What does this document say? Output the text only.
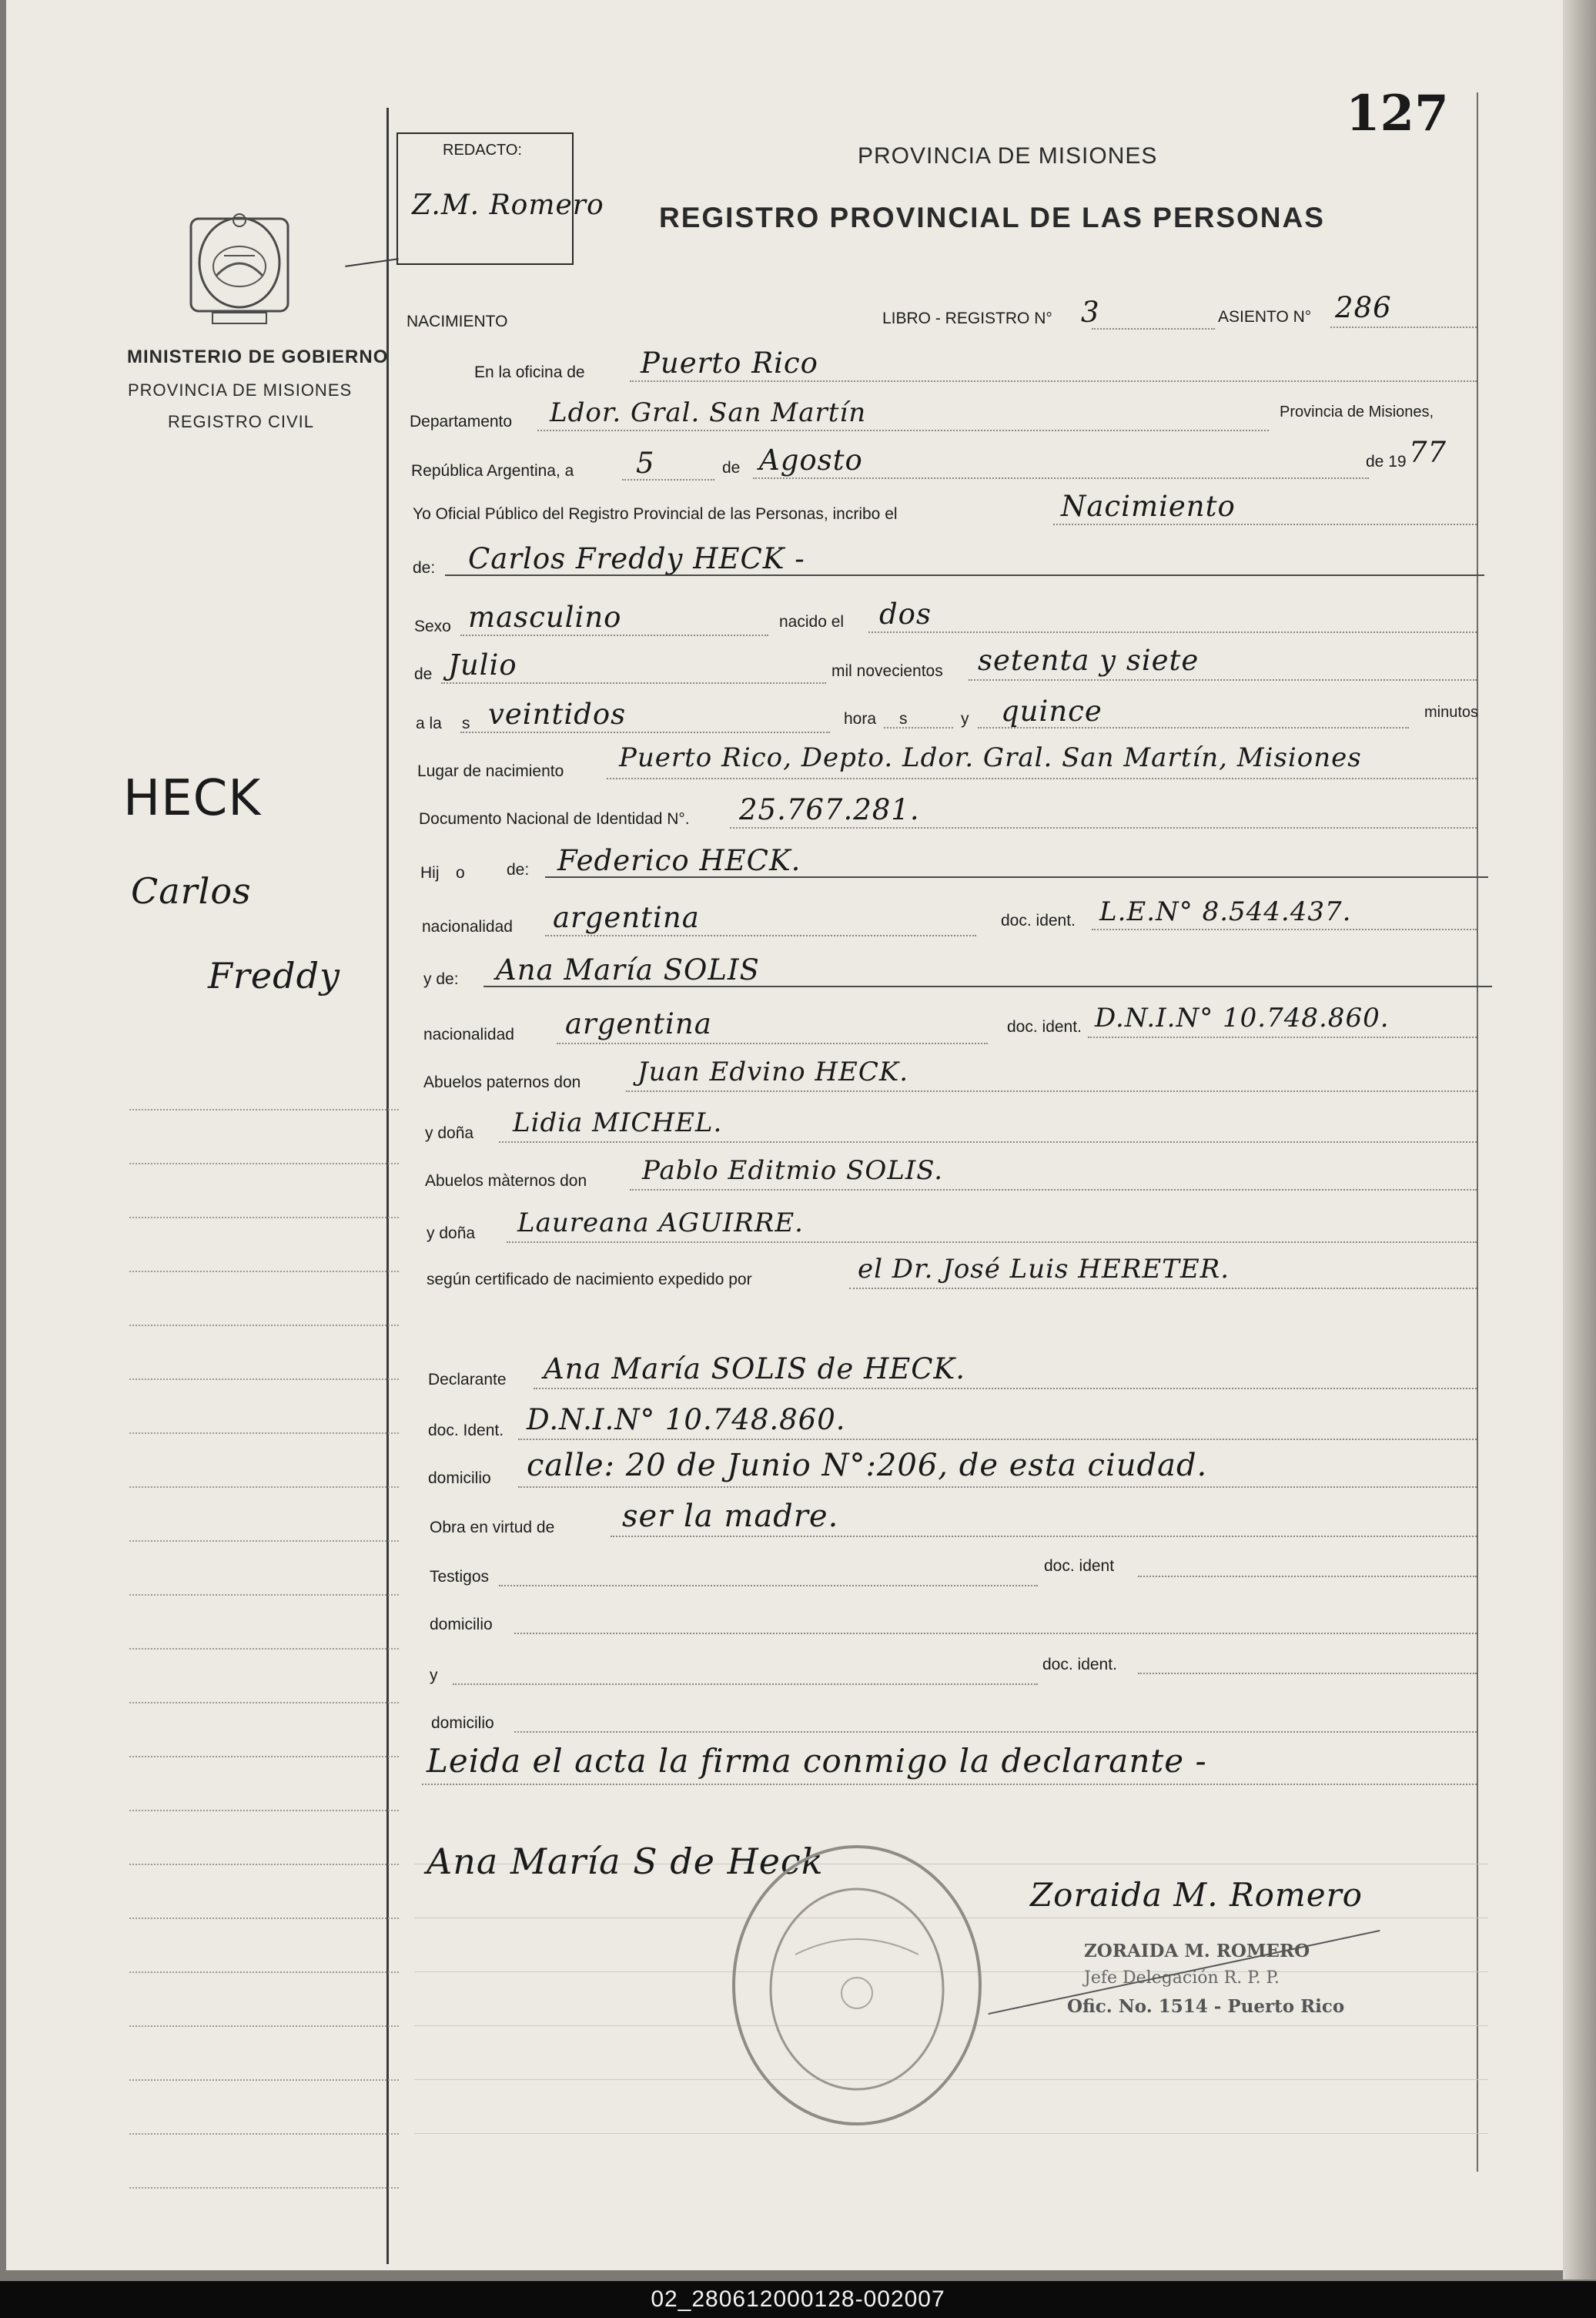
127
REDACTO:
Z.M. Romero
PROVINCIA DE MISIONES
REGISTRO PROVINCIAL DE LAS PERSONAS
MINISTERIO DE GOBIERNO
PROVINCIA DE MISIONES
REGISTRO CIVIL
HECK
Carlos
Freddy
NACIMIENTO	LIBRO - REGISTRO N° 3	ASIENTO N° 286
En la oficina de Puerto Rico
Departamento Ldor. Gral. San Martín	Provincia de Misiones,
República Argentina, a 5	de Agosto	de 19 77
Yo Oficial Público del Registro Provincial de las Personas, incribo el	Nacimiento
de: Carlos Freddy HECK -
Sexo masculino	nacido el dos
de Julio	mil novecientos setenta y siete
a la s veintidos	hora s	y quince	minutos
Lugar de nacimiento Puerto Rico, Depto. Ldor. Gral. San Martín, Misiones
Documento Nacional de Identidad N°. 25.767.281.
Hij o	de: Federico HECK.
nacionalidad argentina	doc. ident. L.E.N° 8.544.437.
y de: Ana María SOLIS
nacionalidad argentina	doc. ident. D.N.I.N° 10.748.860.
Abuelos paternos don Juan Edvino HECK.
y doña Lidia MICHEL.
Abuelos màternos don Pablo Editmio SOLIS.
y doña Laureana AGUIRRE.
según certificado de nacimiento expedido por	el Dr. José Luis HERETER.
Declarante Ana María SOLIS de HECK.
doc. Ident. D.N.I.N° 10.748.860.
domicilio calle: 20 de Junio N°:206, de esta ciudad.
Obra en virtud de ser la madre.
Testigos
doc. ident
domicilio
y
doc. ident.
domicilio
Leida el acta la firma conmigo la declarante -
Ana María S de Heck
Zoraida M. Romero
ZORAIDA M. ROMERO
Jefe Delegación R. P. P.
Ofic. No. 1514 - Puerto Rico
02_280612000128-002007
